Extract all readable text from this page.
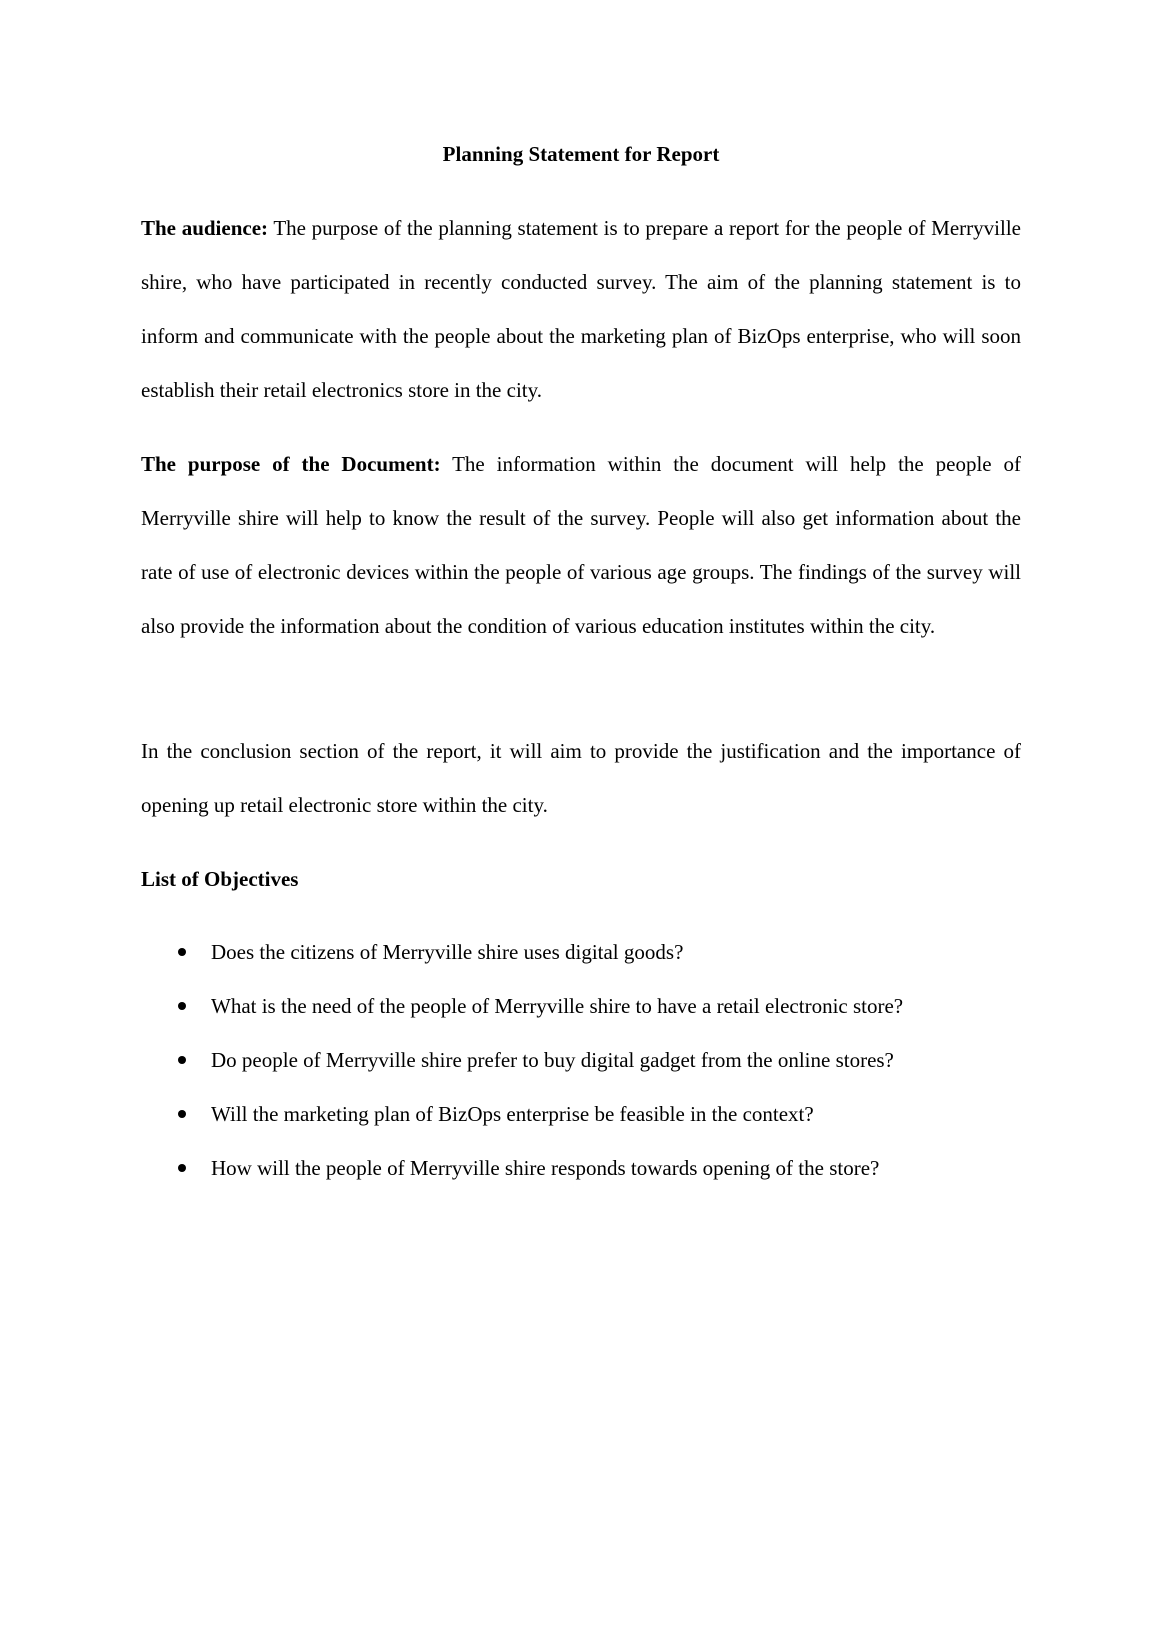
Planning Statement for Report

The audience: The purpose of the planning statement is to prepare a report for the people of Merryville shire, who have participated in recently conducted survey. The aim of the planning statement is to inform and communicate with the people about the marketing plan of BizOps enterprise, who will soon establish their retail electronics store in the city.

The purpose of the Document: The information within the document will help the people of Merryville shire will help to know the result of the survey. People will also get information about the rate of use of electronic devices within the people of various age groups. The findings of the survey will also provide the information about the condition of various education institutes within the city.

In the conclusion section of the report, it will aim to provide the justification and the importance of opening up retail electronic store within the city.

List of Objectives
Does the citizens of Merryville shire uses digital goods?
What is the need of the people of Merryville shire to have a retail electronic store?
Do people of Merryville shire prefer to buy digital gadget from the online stores?
Will the marketing plan of BizOps enterprise be feasible in the context?
How will the people of Merryville shire responds towards opening of the store?
